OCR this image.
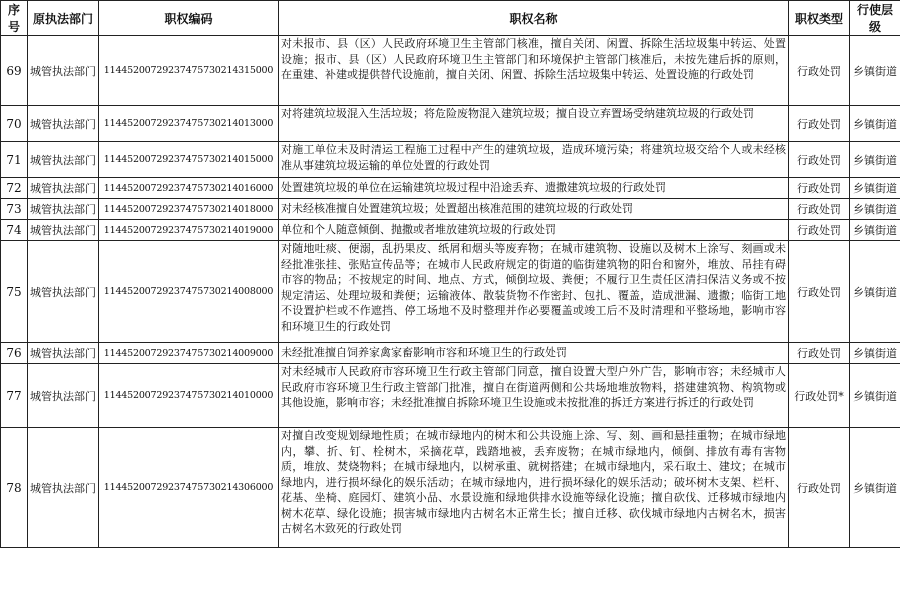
序号	原执法部门	职权编码	职权名称	职权类型	行使层级
69	城管执法部门	11445200729237475730214315000	对未报市、县（区）人民政府环境卫生主管部门核准，擅自关闭、闲置、拆除生活垃圾集中转运、处置设施；报市、县（区）人民政府环境卫生主管部门和环境保护主管部门核准后，未按先建后拆的原则，在重建、补建或提供替代设施前，擅自关闭、闲置、拆除生活垃圾集中转运、处置设施的行政处罚	行政处罚	乡镇街道
70	城管执法部门	11445200729237475730214013000	对将建筑垃圾混入生活垃圾；将危险废物混入建筑垃圾；擅自设立弃置场受纳建筑垃圾的行政处罚	行政处罚	乡镇街道
71	城管执法部门	11445200729237475730214015000	对施工单位未及时清运工程施工过程中产生的建筑垃圾，造成环境污染；将建筑垃圾交给个人或未经核准从事建筑垃圾运输的单位处置的行政处罚	行政处罚	乡镇街道
72	城管执法部门	11445200729237475730214016000	处置建筑垃圾的单位在运输建筑垃圾过程中沿途丢弃、遗撒建筑垃圾的行政处罚	行政处罚	乡镇街道
73	城管执法部门	11445200729237475730214018000	对未经核准擅自处置建筑垃圾；处置超出核准范围的建筑垃圾的行政处罚	行政处罚	乡镇街道
74	城管执法部门	11445200729237475730214019000	单位和个人随意倾倒、抛撒或者堆放建筑垃圾的行政处罚	行政处罚	乡镇街道
75	城管执法部门	11445200729237475730214008000	对随地吐痰、便溺，乱扔果皮、纸屑和烟头等废弃物；在城市建筑物、设施以及树木上涂写、刻画或未经批准张挂、张贴宣传品等；在城市人民政府规定的街道的临街建筑物的阳台和窗外，堆放、吊挂有碍市容的物品；不按规定的时间、地点、方式，倾倒垃圾、粪便；不履行卫生责任区清扫保洁义务或不按规定清运、处理垃圾和粪便；运输液体、散装货物不作密封、包扎、覆盖，造成泄漏、遗撒；临街工地不设置护栏或不作遮挡、停工场地不及时整理并作必要覆盖或竣工后不及时清理和平整场地，影响市容和环境卫生的行政处罚	行政处罚	乡镇街道
76	城管执法部门	11445200729237475730214009000	未经批准擅自饲养家禽家畜影响市容和环境卫生的行政处罚	行政处罚	乡镇街道
77	城管执法部门	11445200729237475730214010000	对未经城市人民政府市容环境卫生行政主管部门同意，擅自设置大型户外广告，影响市容；未经城市人民政府市容环境卫生行政主管部门批准，擅自在街道两侧和公共场地堆放物料，搭建建筑物、构筑物或其他设施，影响市容；未经批准擅自拆除环境卫生设施或未按批准的拆迁方案进行拆迁的行政处罚	行政处罚*	乡镇街道
78	城管执法部门	11445200729237475730214306000	对擅自改变规划绿地性质；在城市绿地内的树木和公共设施上涂、写、刻、画和悬挂重物；在城市绿地内，攀、折、钉、栓树木，采摘花草，践踏地被，丢弃废物；在城市绿地内，倾倒、排放有毒有害物质，堆放、焚烧物料；在城市绿地内，以树承重、就树搭建；在城市绿地内，采石取土、建坟；在城市绿地内，进行损坏绿化的娱乐活动；在城市绿地内，进行损坏绿化的娱乐活动；破坏树木支架、栏杆、花基、坐椅、庭园灯、建筑小品、水景设施和绿地供排水设施等绿化设施；擅自砍伐、迁移城市绿地内树木花草、绿化设施；损害城市绿地内古树名木正常生长；擅自迁移、砍伐城市绿地内古树名木，损害古树名木致死的行政处罚	行政处罚	乡镇街道
